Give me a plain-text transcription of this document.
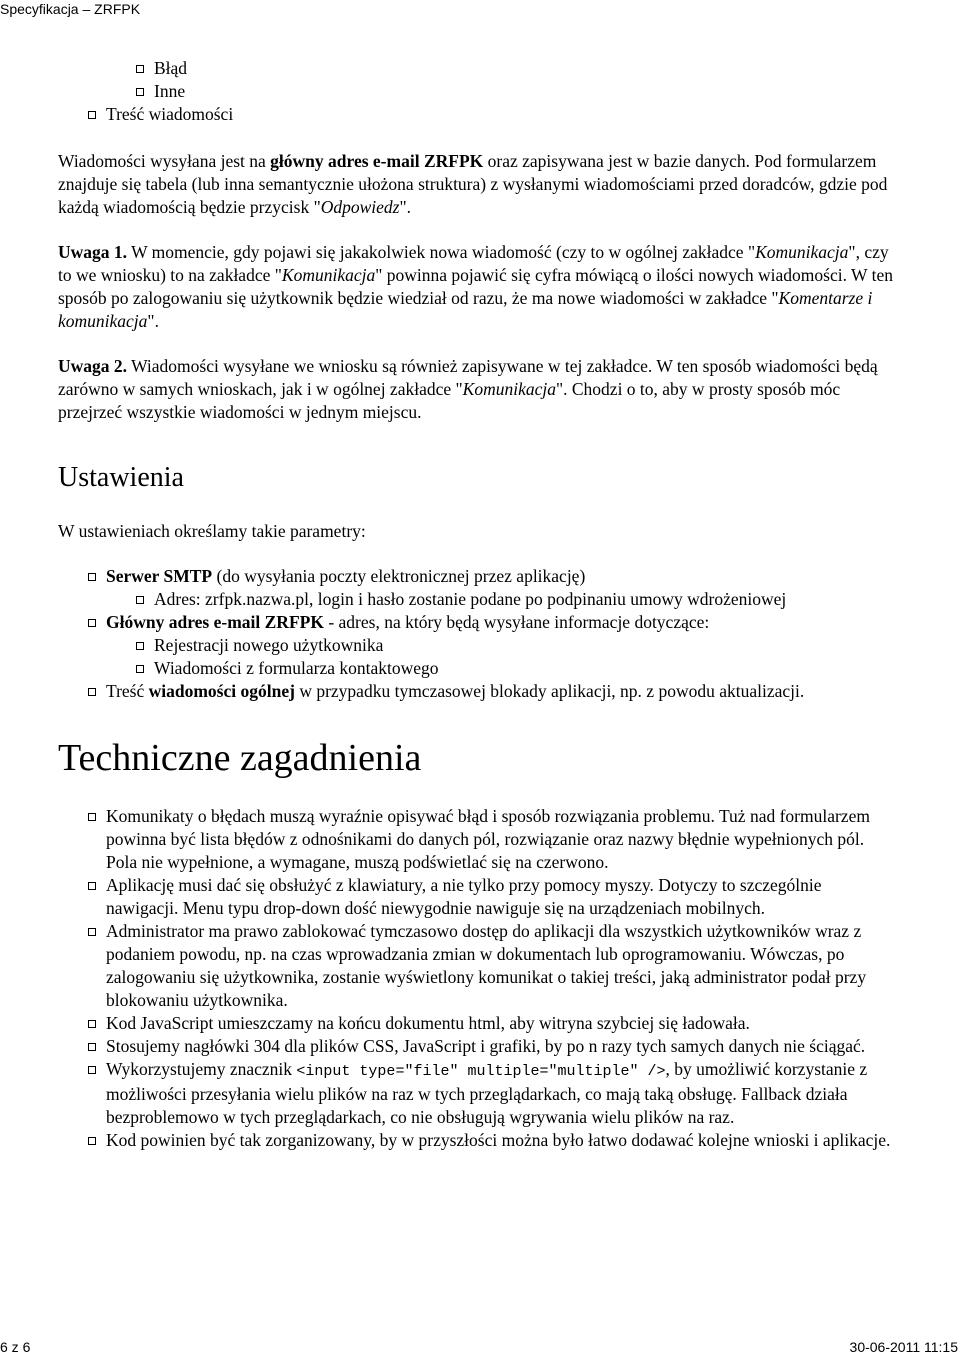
Specyfikacja – ZRFPK
Błąd
Inne
Treść wiadomości

Wiadomości wysyłana jest na główny adres e-mail ZRFPK oraz zapisywana jest w bazie danych. Pod formularzem znajduje się tabela (lub inna semantycznie ułożona struktura) z wysłanymi wiadomościami przed doradców, gdzie pod każdą wiadomością będzie przycisk "Odpowiedz".

Uwaga 1. W momencie, gdy pojawi się jakakolwiek nowa wiadomość (czy to w ogólnej zakładce "Komunikacja", czy to we wniosku) to na zakładce "Komunikacja" powinna pojawić się cyfra mówiącą o ilości nowych wiadomości. W ten sposób po zalogowaniu się użytkownik będzie wiedział od razu, że ma nowe wiadomości w zakładce "Komentarze i komunikacja".

Uwaga 2. Wiadomości wysyłane we wniosku są również zapisywane w tej zakładce. W ten sposób wiadomości będą zarówno w samych wnioskach, jak i w ogólnej zakładce "Komunikacja". Chodzi o to, aby w prosty sposób móc przejrzeć wszystkie wiadomości w jednym miejscu.

Ustawienia

W ustawieniach określamy takie parametry:

Serwer SMTP (do wysyłania poczty elektronicznej przez aplikację)
Adres: zrfpk.nazwa.pl, login i hasło zostanie podane po podpinaniu umowy wdrożeniowej
Główny adres e-mail ZRFPK - adres, na który będą wysyłane informacje dotyczące:
Rejestracji nowego użytkownika
Wiadomości z formularza kontaktowego
Treść wiadomości ogólnej w przypadku tymczasowej blokady aplikacji, np. z powodu aktualizacji.
Techniczne zagadnienia
Komunikaty o błędach muszą wyraźnie opisywać błąd i sposób rozwiązania problemu. Tuż nad formularzem powinna być lista błędów z odnośnikami do danych pól, rozwiązanie oraz nazwy błędnie wypełnionych pól. Pola nie wypełnione, a wymagane, muszą podświetlać się na czerwono.
Aplikację musi dać się obsłużyć z klawiatury, a nie tylko przy pomocy myszy. Dotyczy to szczególnie nawigacji. Menu typu drop-down dość niewygodnie nawiguje się na urządzeniach mobilnych.
Administrator ma prawo zablokować tymczasowo dostęp do aplikacji dla wszystkich użytkowników wraz z podaniem powodu, np. na czas wprowadzania zmian w dokumentach lub oprogramowaniu. Wówczas, po zalogowaniu się użytkownika, zostanie wyświetlony komunikat o takiej treści, jaką administrator podał przy blokowaniu użytkownika.
Kod JavaScript umieszczamy na końcu dokumentu html, aby witryna szybciej się ładowała.
Stosujemy nagłówki 304 dla plików CSS, JavaScript i grafiki, by po n razy tych samych danych nie ściągać.
Wykorzystujemy znacznik <input type="file" multiple="multiple" />, by umożliwić korzystanie z możliwości przesyłania wielu plików na raz w tych przeglądarkach, co mają taką obsługę. Fallback działa bezproblemowo w tych przeglądarkach, co nie obsługują wgrywania wielu plików na raz.
Kod powinien być tak zorganizowany, by w przyszłości można było łatwo dodawać kolejne wnioski i aplikacje.
6 z 6	30-06-2011 11:15
